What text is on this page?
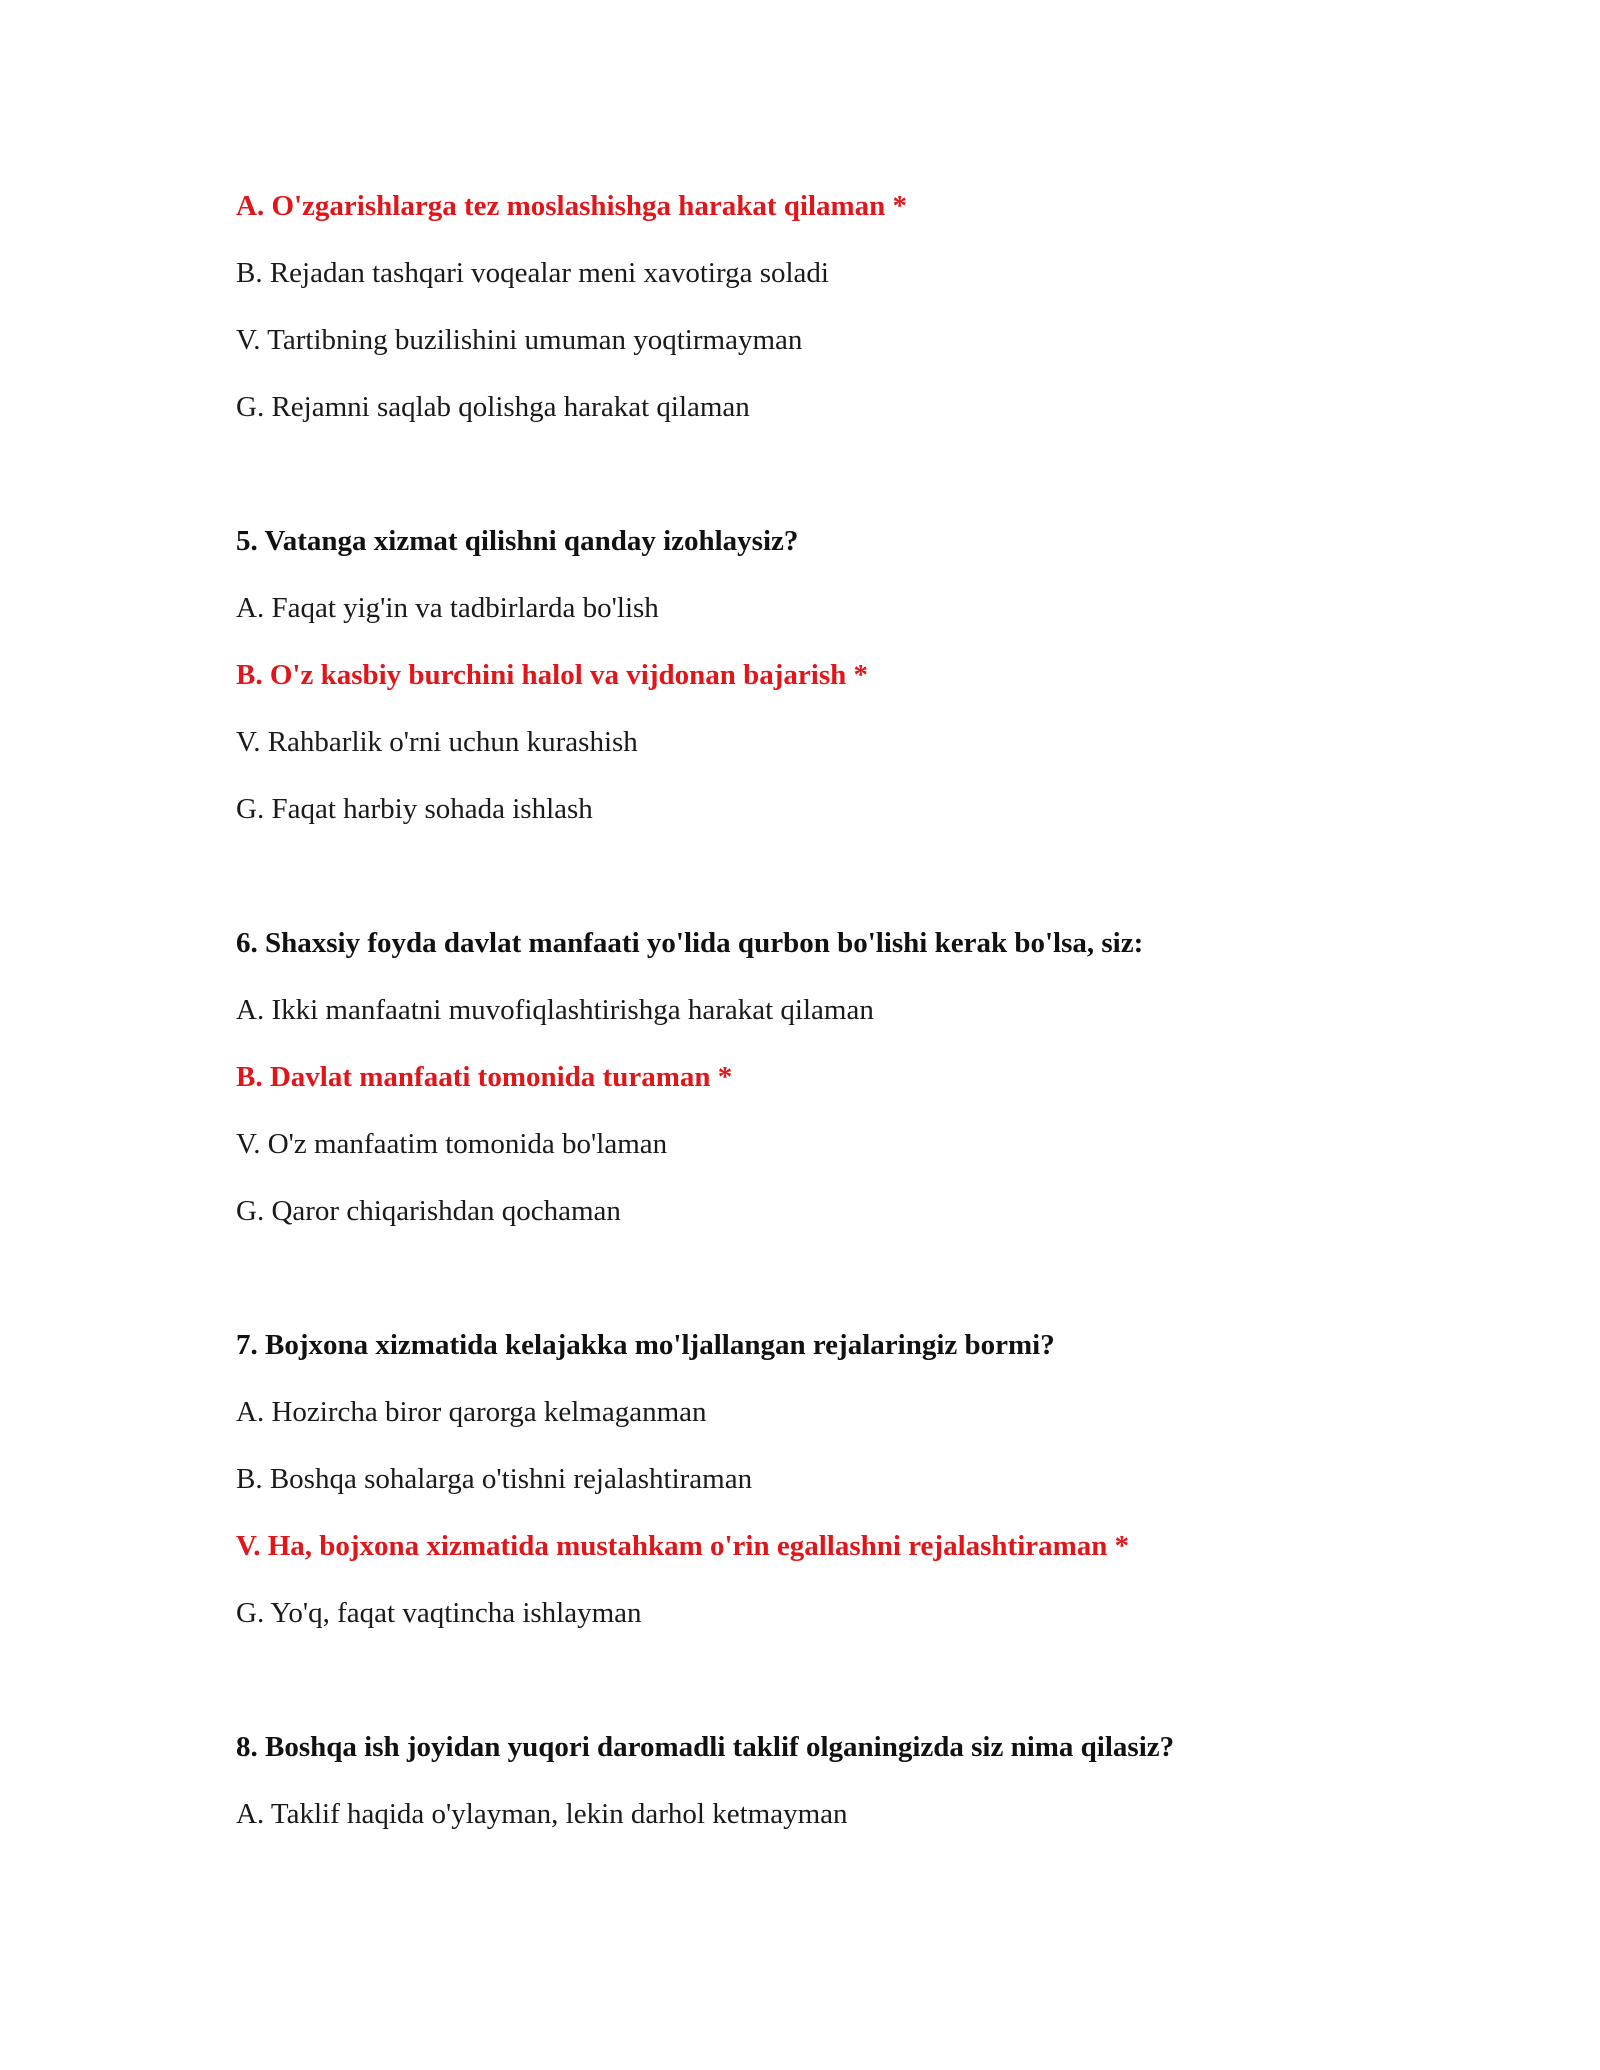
A. O'zgarishlarga tez moslashishga harakat qilaman *
B. Rejadan tashqari voqealar meni xavotirga soladi
V. Tartibning buzilishini umuman yoqtirmayman
G. Rejamni saqlab qolishga harakat qilaman
5. Vatanga xizmat qilishni qanday izohlaysiz?
A. Faqat yig'in va tadbirlarda bo'lish
B. O'z kasbiy burchini halol va vijdonan bajarish *
V. Rahbarlik o'rni uchun kurashish
G. Faqat harbiy sohada ishlash
6. Shaxsiy foyda davlat manfaati yo'lida qurbon bo'lishi kerak bo'lsa, siz:
A. Ikki manfaatni muvofiqlashtirishga harakat qilaman
B. Davlat manfaati tomonida turaman *
V. O'z manfaatim tomonida bo'laman
G. Qaror chiqarishdan qochaman
7. Bojxona xizmatida kelajakka mo'ljallangan rejalaringiz bormi?
A. Hozircha biror qarorga kelmaganman
B. Boshqa sohalarga o'tishni rejalashtiraman
V. Ha, bojxona xizmatida mustahkam o'rin egallashni rejalashtiraman *
G. Yo'q, faqat vaqtincha ishlayman
8. Boshqa ish joyidan yuqori daromadli taklif olganingizda siz nima qilasiz?
A. Taklif haqida o'ylayman, lekin darhol ketmayman
